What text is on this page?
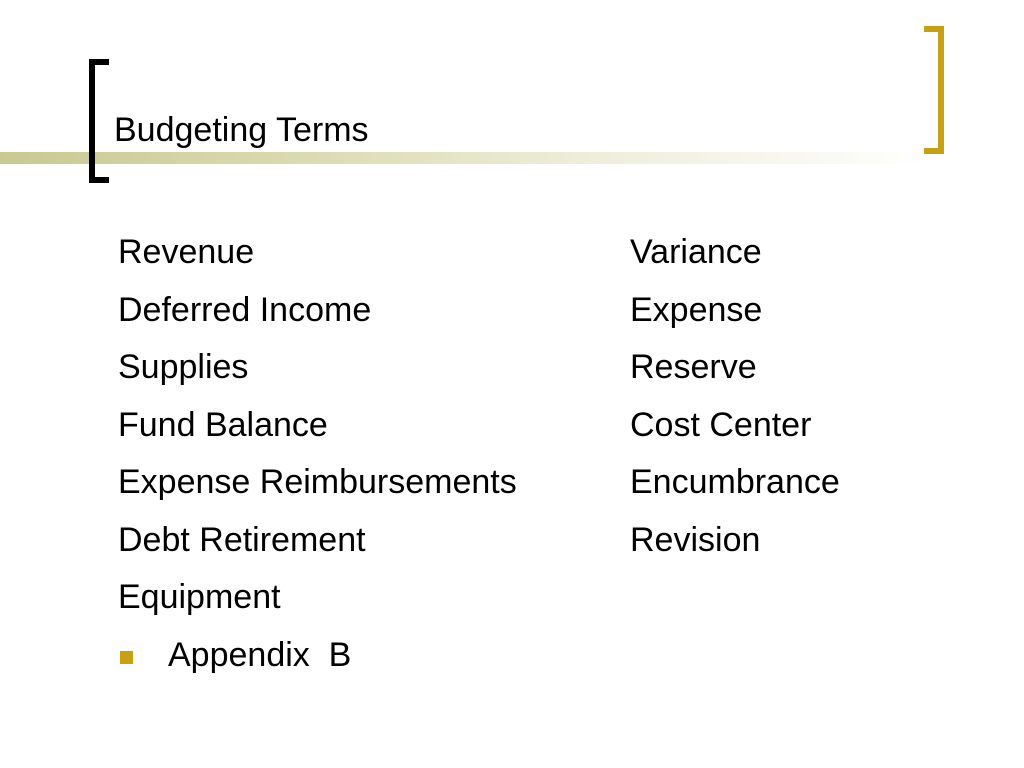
Budgeting Terms
Revenue
Deferred Income
Supplies
Fund Balance
Expense Reimbursements
Debt Retirement
Equipment
Appendix  B
Variance
Expense
Reserve
Cost Center
Encumbrance
Revision
